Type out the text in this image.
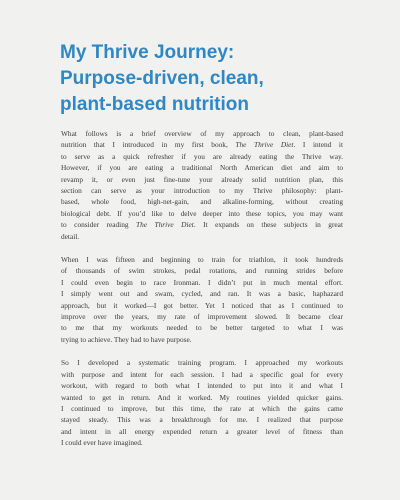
My Thrive Journey:
Purpose-driven, clean,
plant-based nutrition

What follows is a brief overview of my approach to clean, plant-based
nutrition that I introduced in my first book, The Thrive Diet. I intend it
to serve as a quick refresher if you are already eating the Thrive way.
However, if you are eating a traditional North American diet and aim to
revamp it, or even just fine-tune your already solid nutrition plan, this
section can serve as your introduction to my Thrive philosophy: plant-
based, whole food, high-net-gain, and alkaline-forming, without creating
biological debt. If you’d like to delve deeper into these topics, you may want
to consider reading The Thrive Diet. It expands on these subjects in great
detail.

When I was fifteen and beginning to train for triathlon, it took hundreds
of thousands of swim strokes, pedal rotations, and running strides before
I could even begin to race Ironman. I didn’t put in much mental effort.
I simply went out and swam, cycled, and ran. It was a basic, haphazard
approach, but it worked—I got better. Yet I noticed that as I continued to
improve over the years, my rate of improvement slowed. It became clear
to me that my workouts needed to be better targeted to what I was
trying to achieve. They had to have purpose.

So I developed a systematic training program. I approached my workouts
with purpose and intent for each session. I had a specific goal for every
workout, with regard to both what I intended to put into it and what I
wanted to get in return. And it worked. My routines yielded quicker gains.
I continued to improve, but this time, the rate at which the gains came
stayed steady. This was a breakthrough for me. I realized that purpose
and intent in all energy expended return a greater level of fitness than
I could ever have imagined.
